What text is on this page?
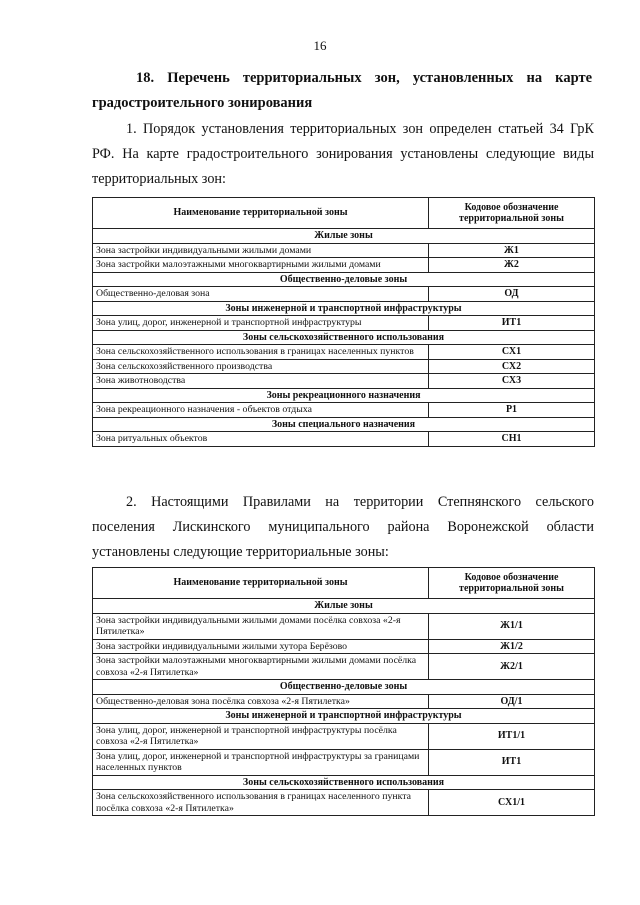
16
18. Перечень территориальных зон, установленных на карте градостроительного зонирования
1. Порядок установления территориальных зон определен статьей 34 ГрК РФ. На карте градостроительного зонирования установлены следующие виды территориальных зон:
Наименование территориальной зоны	Кодовое обозначение территориальной зоны
Жилые зоны	
Зона застройки индивидуальными жилыми домами	Ж1
Зона застройки малоэтажными многоквартирными жилыми домами	Ж2
Общественно-деловые зоны	
Общественно-деловая зона	ОД
Зоны инженерной и транспортной инфраструктуры	
Зона улиц, дорог, инженерной и транспортной инфраструктуры	ИТ1
Зоны сельскохозяйственного использования	
Зона сельскохозяйственного использования в границах населенных пунктов	СХ1
Зона сельскохозяйственного производства	СХ2
Зона животноводства	СХ3
Зоны рекреационного назначения	
Зона рекреационного назначения - объектов отдыха	Р1
Зоны специального назначения	
Зона ритуальных объектов	СН1
2. Настоящими Правилами на территории Степнянского сельского поселения Лискинского муниципального района Воронежской области установлены следующие территориальные зоны:
Наименование территориальной зоны	Кодовое обозначение территориальной зоны
Жилые зоны	
Зона застройки индивидуальными жилыми домами посёлка совхоза «2-я Пятилетка»	Ж1/1
Зона застройки индивидуальными жилыми хутора Берёзово	Ж1/2
Зона застройки малоэтажными многоквартирными жилыми домами посёлка совхоза «2-я Пятилетка»	Ж2/1
Общественно-деловые зоны	
Общественно-деловая зона посёлка совхоза «2-я Пятилетка»	ОД/1
Зоны инженерной и транспортной инфраструктуры	
Зона улиц, дорог, инженерной и транспортной инфраструктуры посёлка совхоза «2-я Пятилетка»	ИТ1/1
Зона улиц, дорог, инженерной и транспортной инфраструктуры за границами населенных пунктов	ИТ1
Зоны сельскохозяйственного использования	
Зона сельскохозяйственного использования в границах населенного пункта посёлка совхоза «2-я Пятилетка»	СХ1/1
